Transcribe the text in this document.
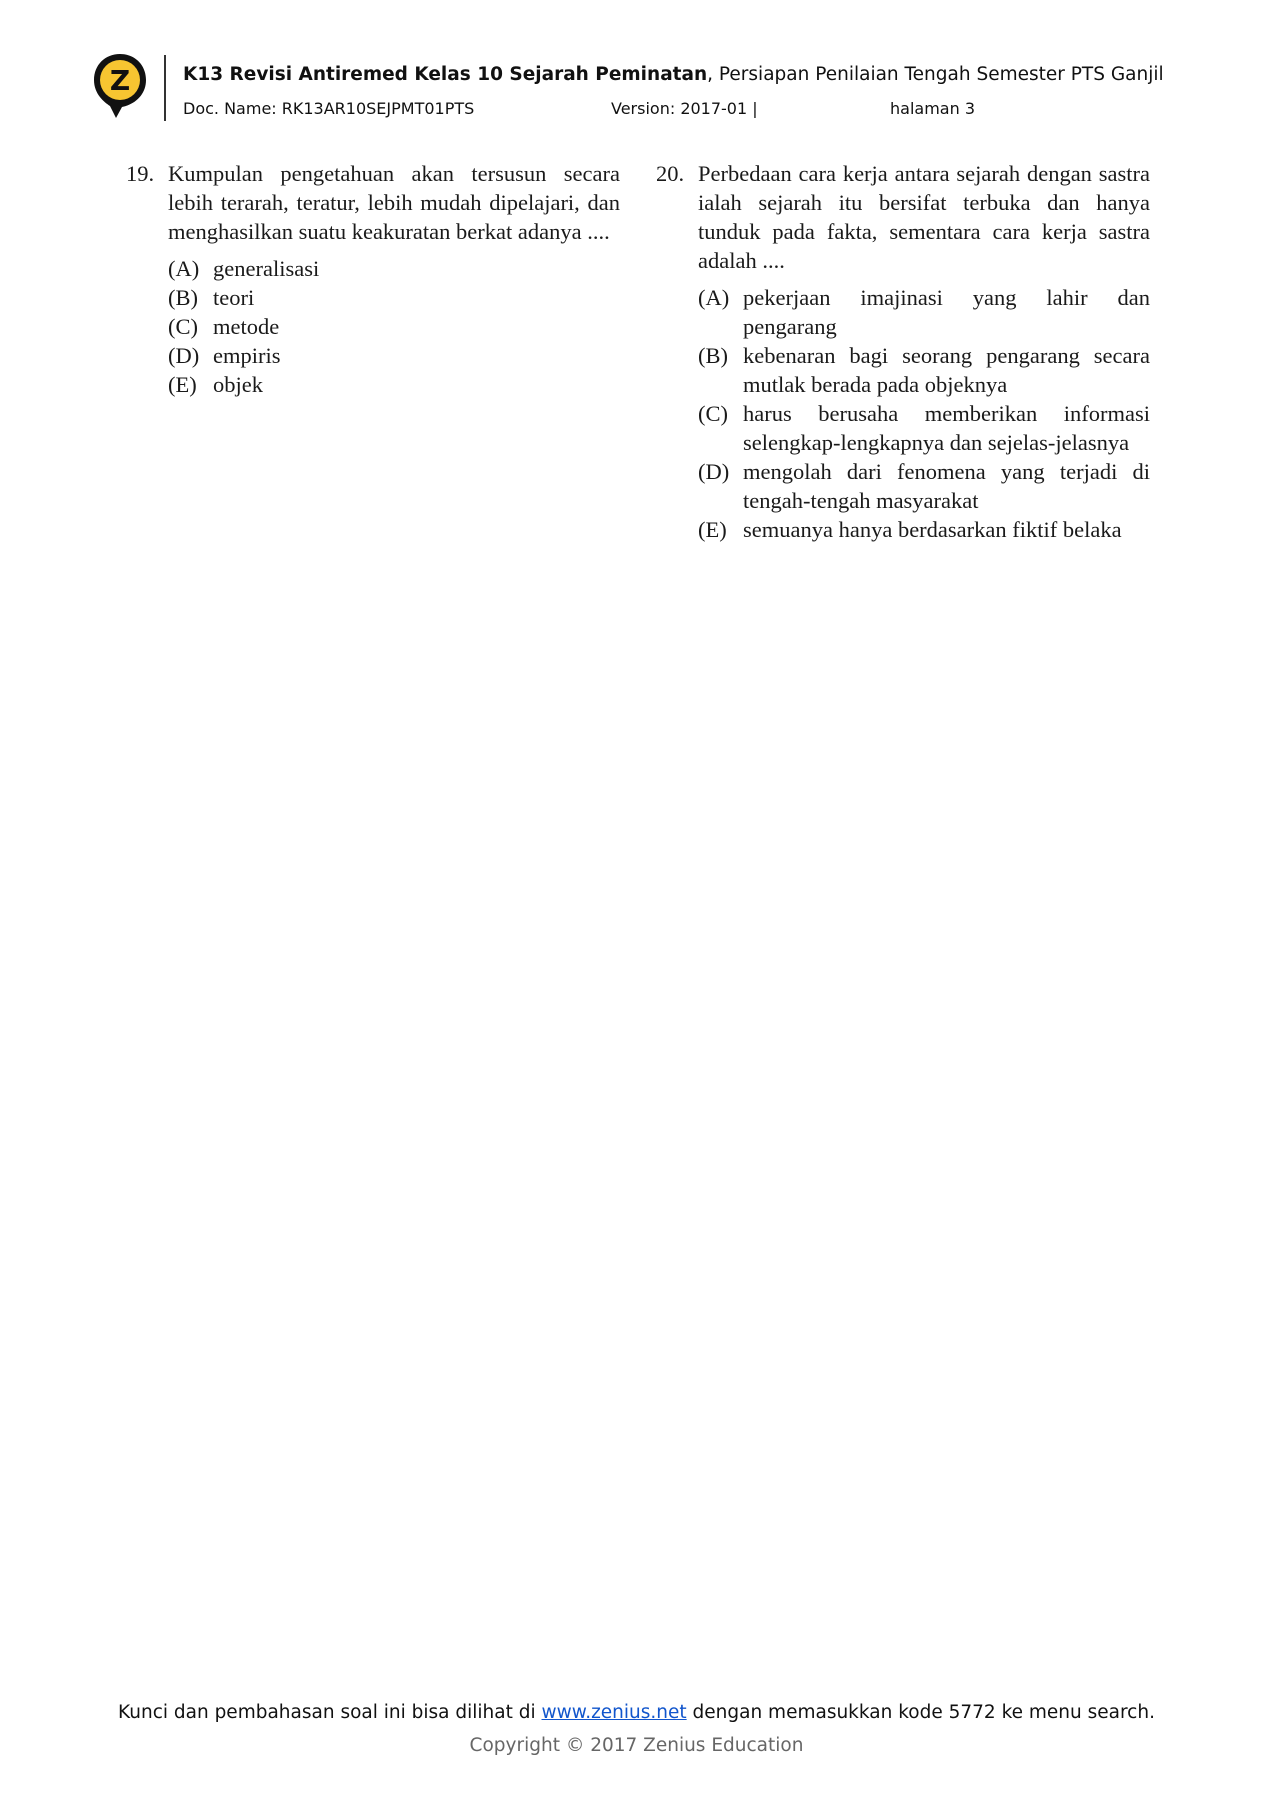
Z	K13 Revisi Antiremed Kelas 10 Sejarah Peminatan, Persiapan Penilaian Tengah Semester PTS Ganjil
Doc. Name: RK13AR10SEJPMT01PTS	Version: 2017-01 |	halaman 3
19. Kumpulan pengetahuan akan tersusun secara lebih terarah, teratur, lebih mudah dipelajari, dan menghasilkan suatu keakuratan berkat adanya ....
(A) generalisasi
(B) teori
(C) metode
(D) empiris
(E) objek
20. Perbedaan cara kerja antara sejarah dengan sastra ialah sejarah itu bersifat terbuka dan hanya tunduk pada fakta, sementara cara kerja sastra adalah ....
(A) pekerjaan imajinasi yang lahir dan pengarang
(B) kebenaran bagi seorang pengarang secara mutlak berada pada objeknya
(C) harus berusaha memberikan informasi selengkap-lengkapnya dan sejelas-jelasnya
(D) mengolah dari fenomena yang terjadi di tengah-tengah masyarakat
(E) semuanya hanya berdasarkan fiktif belaka
Kunci dan pembahasan soal ini bisa dilihat di www.zenius.net dengan memasukkan kode 5772 ke menu search.
Copyright © 2017 Zenius Education
